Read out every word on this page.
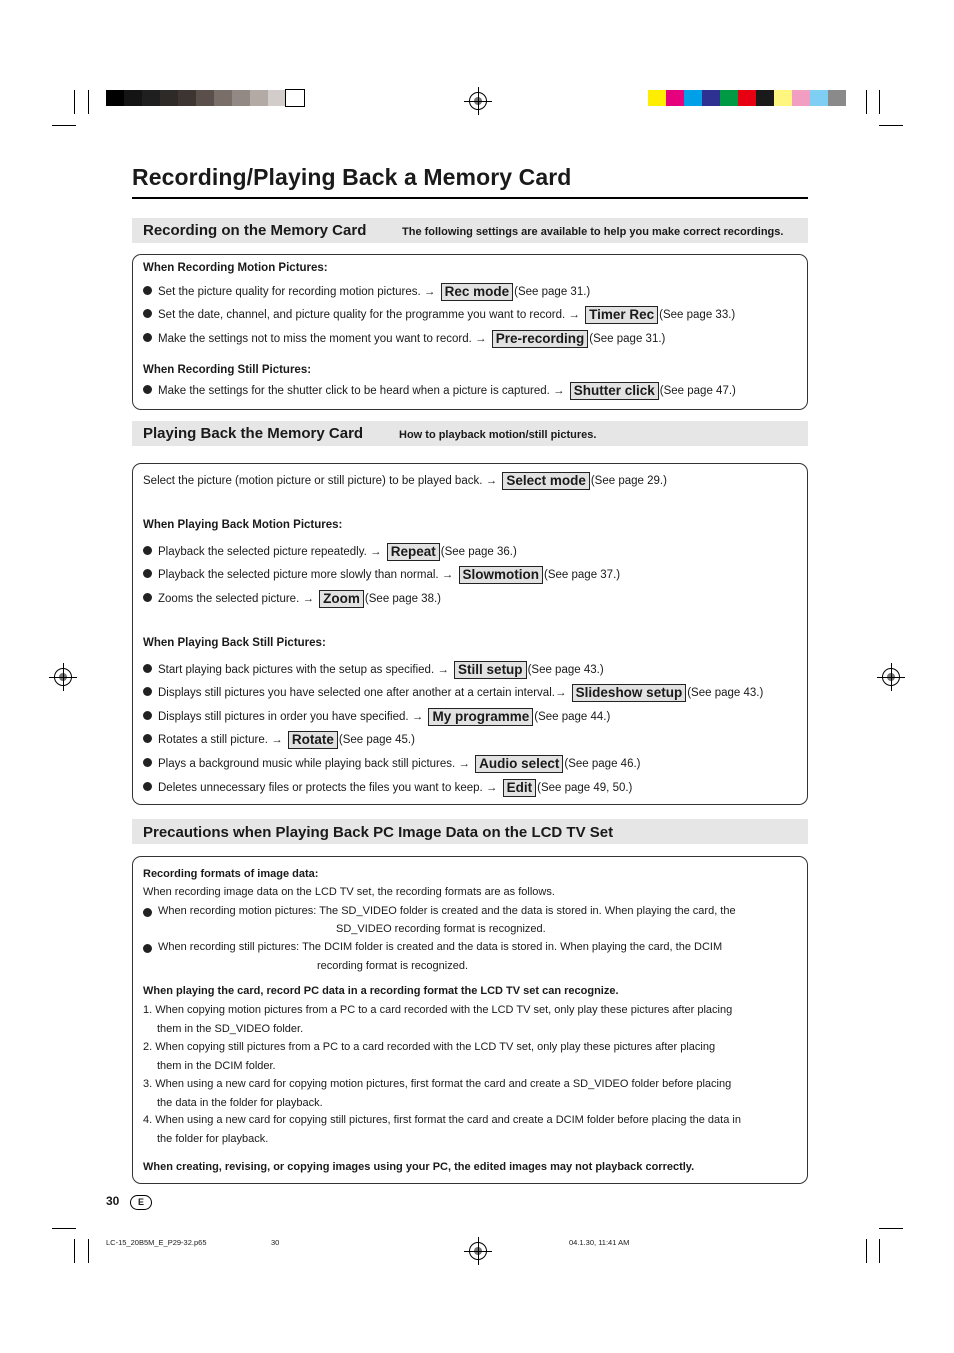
Recording/Playing Back a Memory Card
Recording on the Memory Card	The following settings are available to help you make correct recordings.
When Recording Motion Pictures:
Set the picture quality for recording motion pictures. → Rec mode (See page 31.)
Set the date, channel, and picture quality for the programme you want to record. → Timer Rec (See page 33.)
Make the settings not to miss the moment you want to record. → Pre-recording (See page 31.)
When Recording Still Pictures:
Make the settings for the shutter click to be heard when a picture is captured. → Shutter click (See page 47.)
Playing Back the Memory Card	How to playback motion/still pictures.
Select the picture (motion picture or still picture) to be played back. → Select mode (See page 29.)
When Playing Back Motion Pictures:
Playback the selected picture repeatedly. → Repeat (See page 36.)
Playback the selected picture more slowly than normal. → Slowmotion (See page 37.)
Zooms the selected picture. → Zoom (See page 38.)
When Playing Back Still Pictures:
Start playing back pictures with the setup as specified. → Still setup (See page 43.)
Displays still pictures you have selected one after another at a certain interval.→ Slideshow setup (See page 43.)
Displays still pictures in order you have specified. → My programme (See page 44.)
Rotates a still picture. → Rotate (See page 45.)
Plays a background music while playing back still pictures. → Audio select (See page 46.)
Deletes unnecessary files or protects the files you want to keep. → Edit (See page 49, 50.)
Precautions when Playing Back PC Image Data on the LCD TV Set
Recording formats of image data:
When recording image data on the LCD TV set, the recording formats are as follows.
When recording motion pictures: The SD_VIDEO folder is created and the data is stored in. When playing the card, the
SD_VIDEO recording format is recognized.
When recording still pictures: The DCIM folder is created and the data is stored in. When playing the card, the DCIM
recording format is recognized.
When playing the card, record PC data in a recording format the LCD TV set can recognize.
1. When copying motion pictures from a PC to a card recorded with the LCD TV set, only play these pictures after placing
them in the SD_VIDEO folder.
2. When copying still pictures from a PC to a card recorded with the LCD TV set, only play these pictures after placing
them in the DCIM folder.
3. When using a new card for copying motion pictures, first format the card and create a SD_VIDEO folder before placing
the data in the folder for playback.
4. When using a new card for copying still pictures, first format the card and create a DCIM folder before placing the data in
the folder for playback.
When creating, revising, or copying images using your PC, the edited images may not playback correctly.
30	E
LC-15_20B5M_E_P29-32.p65	30	04.1.30, 11:41 AM
